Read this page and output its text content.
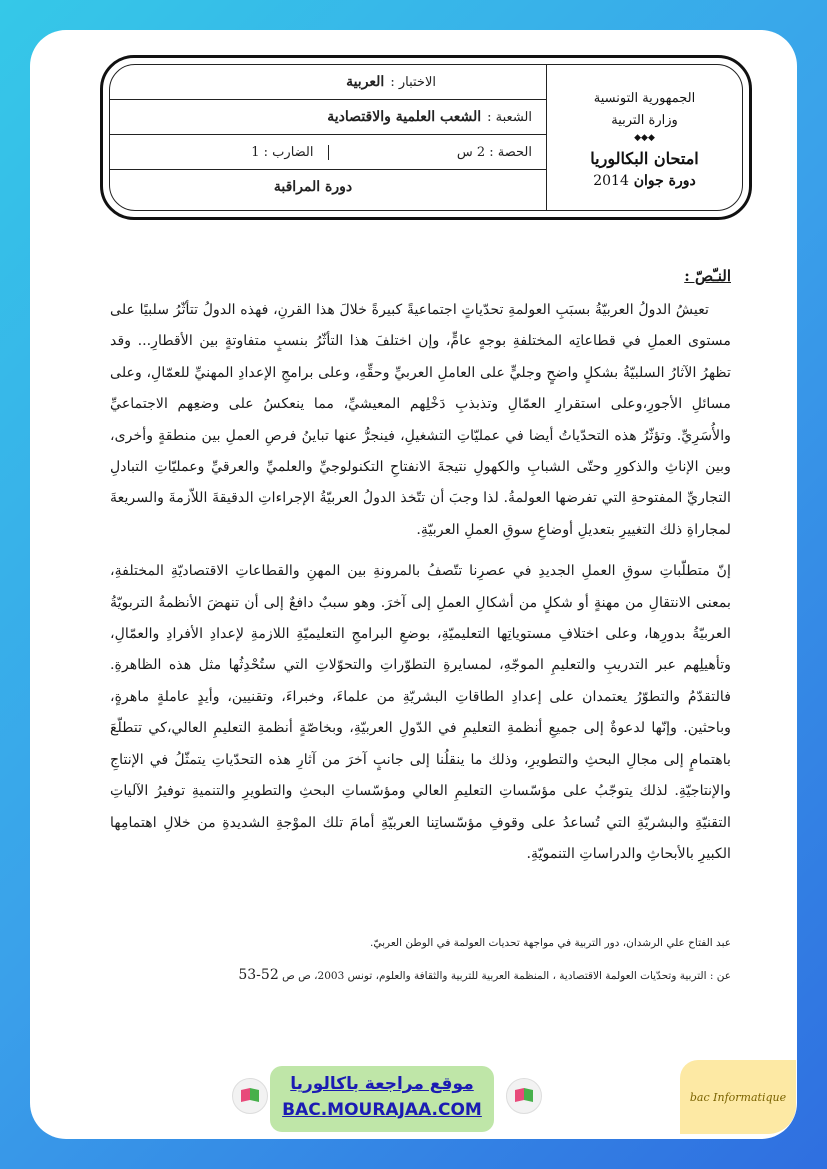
الجمهورية التونسية
وزارة التربية
◆◆◆
امتحان البكالوريا
دورة جوان 2014
الاختبار :
العربية
الشعبة :
الشعب العلمية والاقتصادية
الحصة : 2 س
الضارب : 1
دورة المراقبة
النـّصّ :

تعيشُ الدولُ العربيّةُ بسبَبِ العولمةِ تحدّياتٍ اجتماعيةً كبيرةً خلالَ هذا القرنِ، فهذه الدولُ تتأثّرُ سلبيًا على مستوى العملِ في قطاعاتِه المختلفةِ بوجهٍ عامٍّ، وإن اختلفَ هذا التأثّرُ بنسبٍ متفاوتةٍ بين الأقطارِ... وقد تظهرُ الآثارُ السلبيّةُ بشكلٍ واضحٍ وجليٍّ على العاملِ العربيِّ وحقِّهِ، وعلى برامجِ الإعدادِ المهنيِّ للعمّالِ، وعلى مسائلِ الأجورِ،وعلى استقرارِ العمّالِ وتذبذبِ دَخْلِهم المعيشيِّ، مما ينعكسُ على وضعِهم الاجتماعيِّ والأُسَرِيِّ. وتؤثّرُ هذه التحدّياتُ أيضا في عمليّاتِ التشغيلِ، فينجرُّ عنها تباينُ فرصِ العملِ بين منطقةٍ وأخرى، وبين الإناثِ والذكورِ وحتّى الشبابِ والكهولِ نتيجةَ الانفتاحِ التكنولوجيِّ والعلميِّ والعرقيِّ وعمليّاتِ التبادلِ التجاريِّ المفتوحةِ التي تفرضها العولمةُ. لذا وجبَ أن تتّخذ الدولُ العربيّةُ الإجراءاتِ الدقيقةَ اللاّزمةَ والسريعةَ لمجاراةِ ذلك التغييرِ بتعديلِ أوضاعِ سوقِ العملِ العربيّةِ.

إنّ متطلّباتِ سوقِ العملِ الجديدِ في عصرِنا تتّصفُ بالمرونةِ بين المهنِ والقطاعاتِ الاقتصاديّةِ المختلفةِ، بمعنى الانتقالِ من مهنةٍ أو شكلٍ من أشكالِ العملِ إلى آخرَ. وهو سببٌ دافعٌ إلى أن تنهضَ الأنظمةُ التربويّةُ العربيّةُ بدورِها، وعلى اختلافِ مستوياتِها التعليميّةِ، بوضعِ البرامجِ التعليميّةِ اللازمةِ لإعدادِ الأفرادِ والعمّالِ، وتأهيلِهم عبر التدريبِ والتعليمِ الموجّهِ، لمسايرةِ التطوّراتِ والتحوّلاتِ التي ستُحْدِثُها مثل هذه الظاهرةِ. فالتقدّمُ والتطوّرُ يعتمدان على إعدادِ الطاقاتِ البشريّةِ من علماءَ، وخبراءَ، وتقنيين، وأيدٍ عاملةٍ ماهرةٍ، وباحثين. وإنّها لدعوةٌ إلى جميعِ أنظمةِ التعليمِ في الدّولِ العربيّةِ، وبخاصّةٍ أنظمةِ التعليمِ العالي،كي تتطلّعَ باهتمامٍ إلى مجالِ البحثِ والتطويرِ، وذلك ما ينقلُنا إلى جانبٍ آخرَ من آثارِ هذه التحدّياتِ يتمثّلُ في الإنتاجِ والإنتاجيّةِ. لذلك يتوجّبُ على مؤسّساتِ التعليمِ العالي ومؤسّساتِ البحثِ والتطويرِ والتنميةِ توفيرُ الآلياتِ التقنيّةِ والبشريّةِ التي تُساعدُ على وقوفِ مؤسّساتِنا العربيّةِ أمامَ تلك الموْجةِ الشديدةِ من خلالِ اهتمامِها الكبيرِ بالأبحاثِ والدراساتِ التنمويّةِ.

عبد الفتاح علي الرشدان، دور التربية في مواجهة تحديات العولمة في الوطن العربيّ.
عن : التربية وتحدّيات العولمة الاقتصادية ، المنظمة العربية للتربية والثقافة والعلوم، تونس 2003، ص ص 52-53
موقع مراجعة باكالوريا
BAC.MOURAJAA.COM
bac Informatique
